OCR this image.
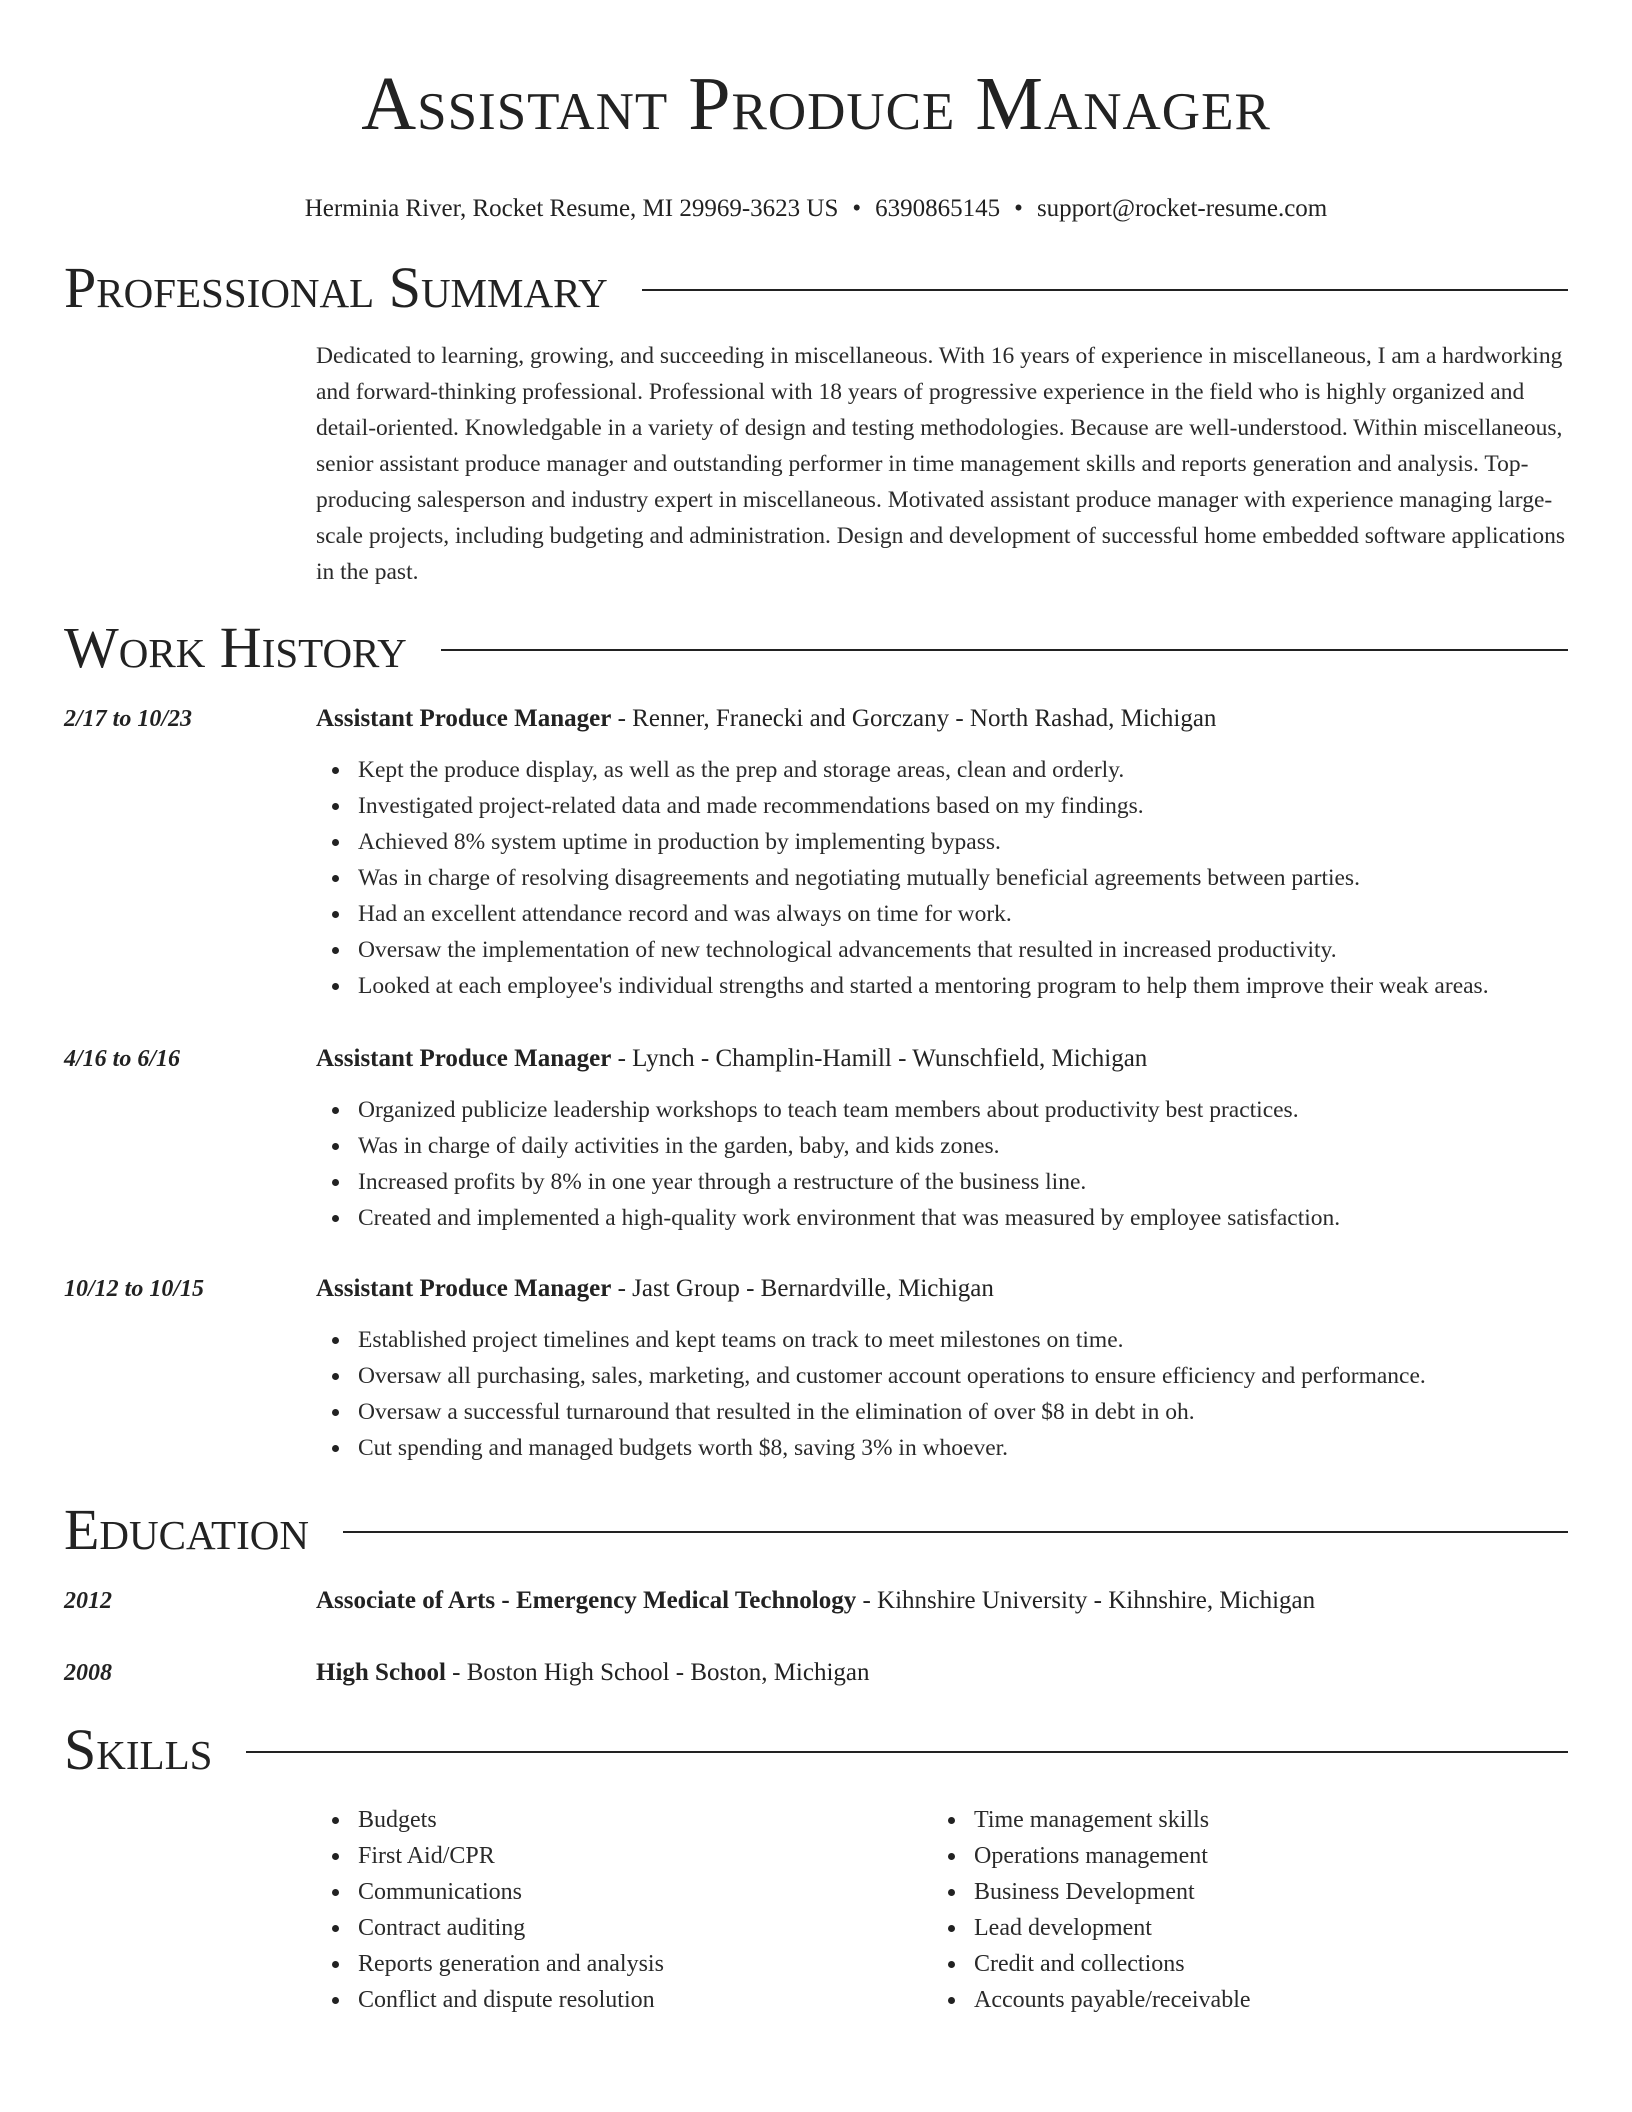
Assistant Produce Manager
Herminia River, Rocket Resume, MI 29969-3623 US • 6390865145 • support@rocket-resume.com
Professional Summary
Dedicated to learning, growing, and succeeding in miscellaneous. With 16 years of experience in miscellaneous, I am a hardworking and forward-thinking professional. Professional with 18 years of progressive experience in the field who is highly organized and detail-oriented. Knowledgable in a variety of design and testing methodologies. Because are well-understood. Within miscellaneous, senior assistant produce manager and outstanding performer in time management skills and reports generation and analysis. Top-producing salesperson and industry expert in miscellaneous. Motivated assistant produce manager with experience managing large-scale projects, including budgeting and administration. Design and development of successful home embedded software applications in the past.
Work History
2/17 to 10/23	Assistant Produce Manager - Renner, Franecki and Gorczany - North Rashad, Michigan
Kept the produce display, as well as the prep and storage areas, clean and orderly.
Investigated project-related data and made recommendations based on my findings.
Achieved 8% system uptime in production by implementing bypass.
Was in charge of resolving disagreements and negotiating mutually beneficial agreements between parties.
Had an excellent attendance record and was always on time for work.
Oversaw the implementation of new technological advancements that resulted in increased productivity.
Looked at each employee's individual strengths and started a mentoring program to help them improve their weak areas.
4/16 to 6/16	Assistant Produce Manager - Lynch - Champlin-Hamill - Wunschfield, Michigan
Organized publicize leadership workshops to teach team members about productivity best practices.
Was in charge of daily activities in the garden, baby, and kids zones.
Increased profits by 8% in one year through a restructure of the business line.
Created and implemented a high-quality work environment that was measured by employee satisfaction.
10/12 to 10/15	Assistant Produce Manager - Jast Group - Bernardville, Michigan
Established project timelines and kept teams on track to meet milestones on time.
Oversaw all purchasing, sales, marketing, and customer account operations to ensure efficiency and performance.
Oversaw a successful turnaround that resulted in the elimination of over $8 in debt in oh.
Cut spending and managed budgets worth $8, saving 3% in whoever.
Education
2012	Associate of Arts - Emergency Medical Technology - Kihnshire University - Kihnshire, Michigan
2008	High School - Boston High School - Boston, Michigan
Skills
Budgets
First Aid/CPR
Communications
Contract auditing
Reports generation and analysis
Conflict and dispute resolution
Time management skills
Operations management
Business Development
Lead development
Credit and collections
Accounts payable/receivable
